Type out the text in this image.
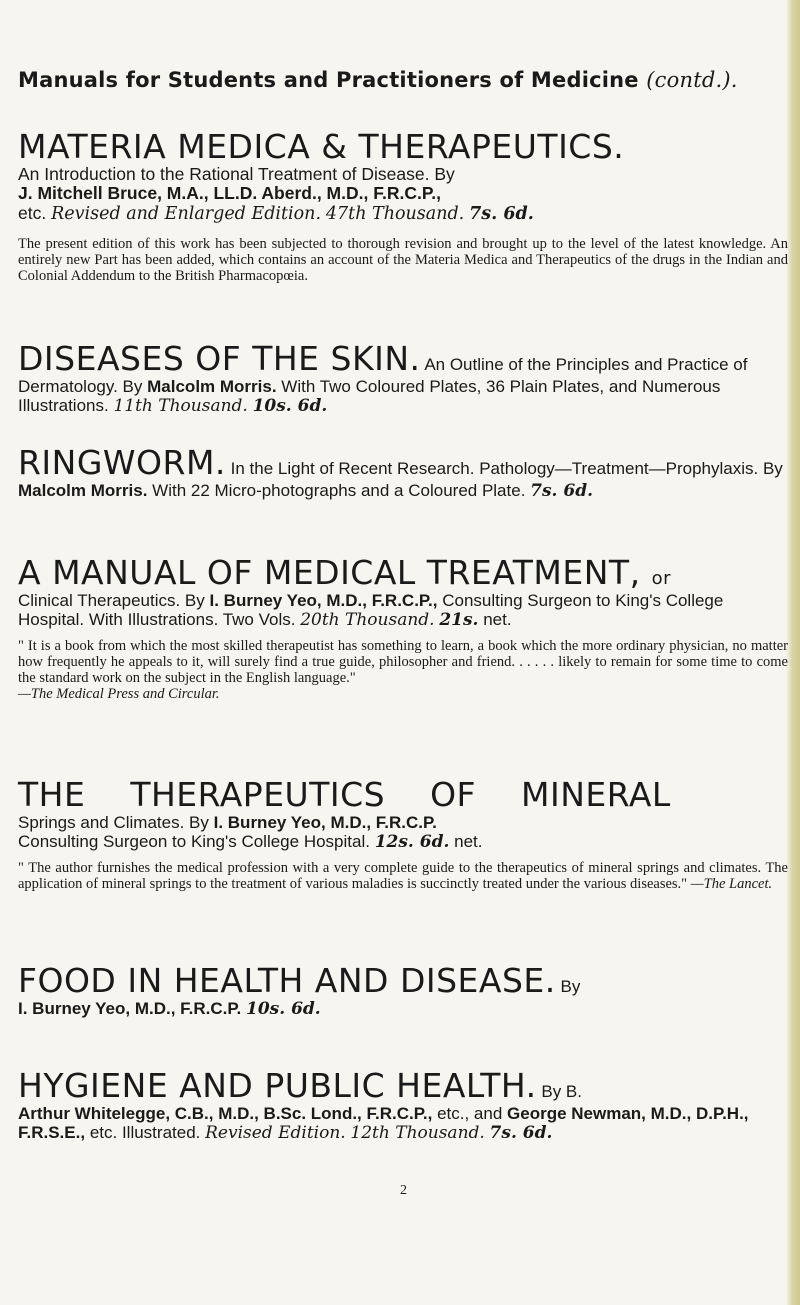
Manuals for Students and Practitioners of Medicine (contd.).

MATERIA MEDICA & THERAPEUTICS.
An Introduction to the Rational Treatment of Disease. By
J. Mitchell Bruce, M.A., LL.D. Aberd., M.D., F.R.C.P.,
etc. Revised and Enlarged Edition. 47th Thousand. 7s. 6d.
The present edition of this work has been subjected to thorough revision and brought up to the level of the latest knowledge. An entirely new Part has been added, which contains an account of the Materia Medica and Therapeutics of the drugs in the Indian and Colonial Addendum to the British Pharmacopœia.
DISEASES OF THE SKIN. An Outline of the Principles and Practice of Dermatology. By Malcolm Morris. With Two Coloured Plates, 36 Plain Plates, and Numerous Illustrations. 11th Thousand. 10s. 6d.
RINGWORM. In the Light of Recent Research. Pathology—Treatment—Prophylaxis. By Malcolm Morris. With 22 Micro-photographs and a Coloured Plate. 7s. 6d.
A MANUAL OF MEDICAL TREATMENT, or
Clinical Therapeutics. By I. Burney Yeo, M.D., F.R.C.P., Consulting Surgeon to King's College Hospital. With Illustrations. Two Vols. 20th Thousand. 21s. net.
" It is a book from which the most skilled therapeutist has something to learn, a book which the more ordinary physician, no matter how frequently he appeals to it, will surely find a true guide, philosopher and friend. . . . . . likely to remain for some time to come the standard work on the subject in the English language."
—The Medical Press and Circular.
THE THERAPEUTICS OF MINERAL
Springs and Climates. By I. Burney Yeo, M.D., F.R.C.P.
Consulting Surgeon to King's College Hospital. 12s. 6d. net.
" The author furnishes the medical profession with a very complete guide to the therapeutics of mineral springs and climates. The application of mineral springs to the treatment of various maladies is succinctly treated under the various diseases." —The Lancet.
FOOD IN HEALTH AND DISEASE. By
I. Burney Yeo, M.D., F.R.C.P. 10s. 6d.
HYGIENE AND PUBLIC HEALTH. By B.
Arthur Whitelegge, C.B., M.D., B.Sc. Lond., F.R.C.P., etc., and George Newman, M.D., D.P.H., F.R.S.E., etc. Illustrated. Revised Edition. 12th Thousand. 7s. 6d.
2
